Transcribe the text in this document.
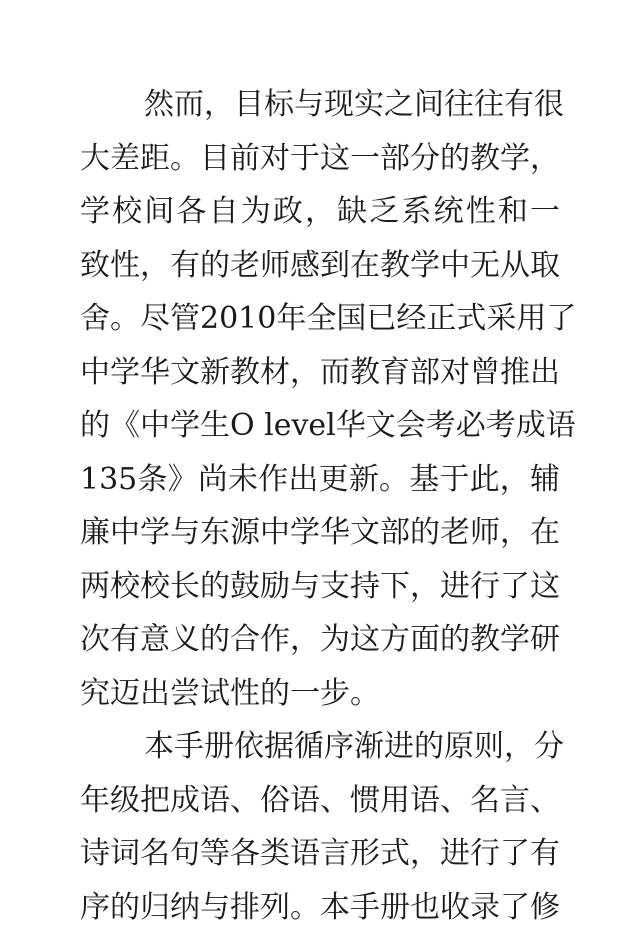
然而，目标与现实之间往往有很
大差距。目前对于这一部分的教学，
学校间各自为政，缺乏系统性和一
致性，有的老师感到在教学中无从取
舍。尽管2010年全国已经正式采用了
中学华文新教材，而教育部对曾推出
的《中学生O level华文会考必考成语
135条》尚未作出更新。基于此，辅
廉中学与东源中学华文部的老师，在
两校校长的鼓励与支持下，进行了这
次有意义的合作，为这方面的教学研
究迈出尝试性的一步。
本手册依据循序渐进的原则，分
年级把成语、俗语、惯用语、名言、
诗词名句等各类语言形式，进行了有
序的归纳与排列。本手册也收录了修
